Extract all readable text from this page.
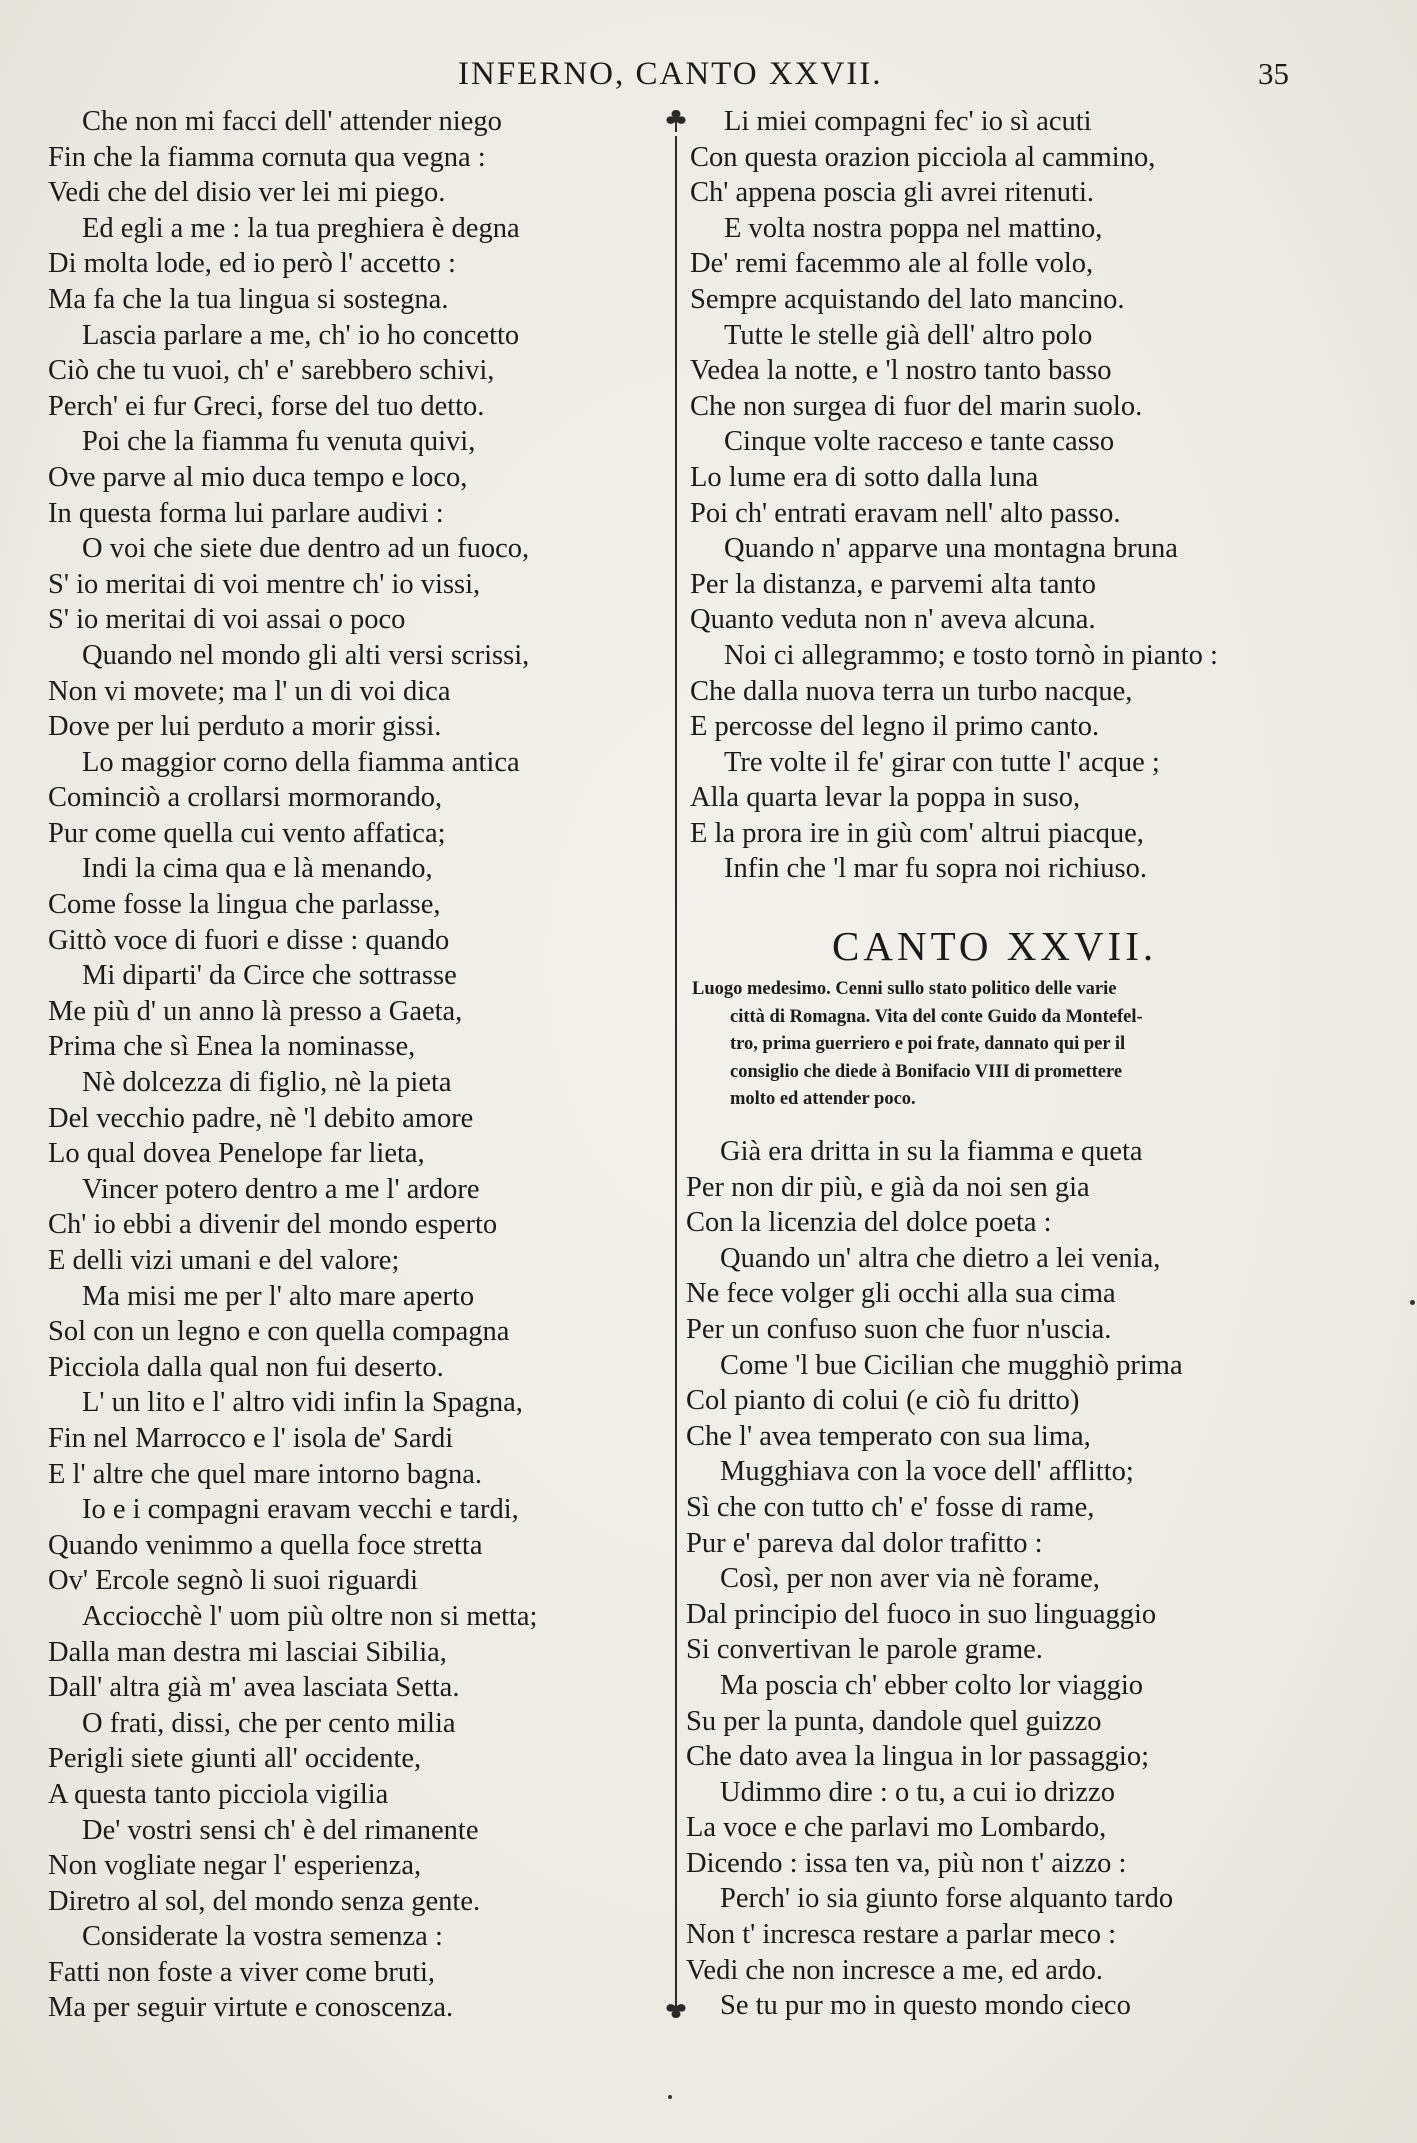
INFERNO, CANTO XXVII.	35
Che non mi facci dell' attender niego
Fin che la fiamma cornuta qua vegna :
Vedi che del disio ver lei mi piego.
Ed egli a me : la tua preghiera è degna
Di molta lode, ed io però l' accetto :
Ma fa che la tua lingua si sostegna.
Lascia parlare a me, ch' io ho concetto
Ciò che tu vuoi, ch' e' sarebbero schivi,
Perch' ei fur Greci, forse del tuo detto.
Poi che la fiamma fu venuta quivi,
Ove parve al mio duca tempo e loco,
In questa forma lui parlare audivi :
O voi che siete due dentro ad un fuoco,
S' io meritai di voi mentre ch' io vissi,
S' io meritai di voi assai o poco
Quando nel mondo gli alti versi scrissi,
Non vi movete; ma l' un di voi dica
Dove per lui perduto a morir gissi.
Lo maggior corno della fiamma antica
Cominciò a crollarsi mormorando,
Pur come quella cui vento affatica;
Indi la cima qua e là menando,
Come fosse la lingua che parlasse,
Gittò voce di fuori e disse : quando
Mi diparti' da Circe che sottrasse
Me più d' un anno là presso a Gaeta,
Prima che sì Enea la nominasse,
Nè dolcezza di figlio, nè la pieta
Del vecchio padre, nè 'l debito amore
Lo qual dovea Penelope far lieta,
Vincer potero dentro a me l' ardore
Ch' io ebbi a divenir del mondo esperto
E delli vizi umani e del valore;
Ma misi me per l' alto mare aperto
Sol con un legno e con quella compagna
Picciola dalla qual non fui deserto.
L' un lito e l' altro vidi infin la Spagna,
Fin nel Marrocco e l' isola de' Sardi
E l' altre che quel mare intorno bagna.
Io e i compagni eravam vecchi e tardi,
Quando venimmo a quella foce stretta
Ov' Ercole segnò li suoi riguardi
Acciocchè l' uom più oltre non si metta;
Dalla man destra mi lasciai Sibilia,
Dall' altra già m' avea lasciata Setta.
O frati, dissi, che per cento milia
Perigli siete giunti all' occidente,
A questa tanto picciola vigilia
De' vostri sensi ch' è del rimanente
Non vogliate negar l' esperienza,
Diretro al sol, del mondo senza gente.
Considerate la vostra semenza :
Fatti non foste a viver come bruti,
Ma per seguir virtute e conoscenza.
Li miei compagni fec' io sì acuti
Con questa orazion picciola al cammino,
Ch' appena poscia gli avrei ritenuti.
E volta nostra poppa nel mattino,
De' remi facemmo ale al folle volo,
Sempre acquistando del lato mancino.
Tutte le stelle già dell' altro polo
Vedea la notte, e 'l nostro tanto basso
Che non surgea di fuor del marin suolo.
Cinque volte racceso e tante casso
Lo lume era di sotto dalla luna
Poi ch' entrati eravam nell' alto passo.
Quando n' apparve una montagna bruna
Per la distanza, e parvemi alta tanto
Quanto veduta non n' aveva alcuna.
Noi ci allegrammo; e tosto tornò in pianto :
Che dalla nuova terra un turbo nacque,
E percosse del legno il primo canto.
Tre volte il fe' girar con tutte l' acque ;
Alla quarta levar la poppa in suso,
E la prora ire in giù com' altrui piacque,
Infin che 'l mar fu sopra noi richiuso.
CANTO XXVII.
Luogo medesimo. Cenni sullo stato politico delle varie
città di Romagna. Vita del conte Guido da Montefel-
tro, prima guerriero e poi frate, dannato qui per il
consiglio che diede à Bonifacio VIII di promettere
molto ed attender poco.
Già era dritta in su la fiamma e queta
Per non dir più, e già da noi sen gia
Con la licenzia del dolce poeta :
Quando un' altra che dietro a lei venia,
Ne fece volger gli occhi alla sua cima
Per un confuso suon che fuor n'uscia.
Come 'l bue Cicilian che mugghiò prima
Col pianto di colui (e ciò fu dritto)
Che l' avea temperato con sua lima,
Mugghiava con la voce dell' afflitto;
Sì che con tutto ch' e' fosse di rame,
Pur e' pareva dal dolor trafitto :
Così, per non aver via nè forame,
Dal principio del fuoco in suo linguaggio
Si convertivan le parole grame.
Ma poscia ch' ebber colto lor viaggio
Su per la punta, dandole quel guizzo
Che dato avea la lingua in lor passaggio;
Udimmo dire : o tu, a cui io drizzo
La voce e che parlavi mo Lombardo,
Dicendo : issa ten va, più non t' aizzo :
Perch' io sia giunto forse alquanto tardo
Non t' incresca restare a parlar meco :
Vedi che non incresce a me, ed ardo.
Se tu pur mo in questo mondo cieco
